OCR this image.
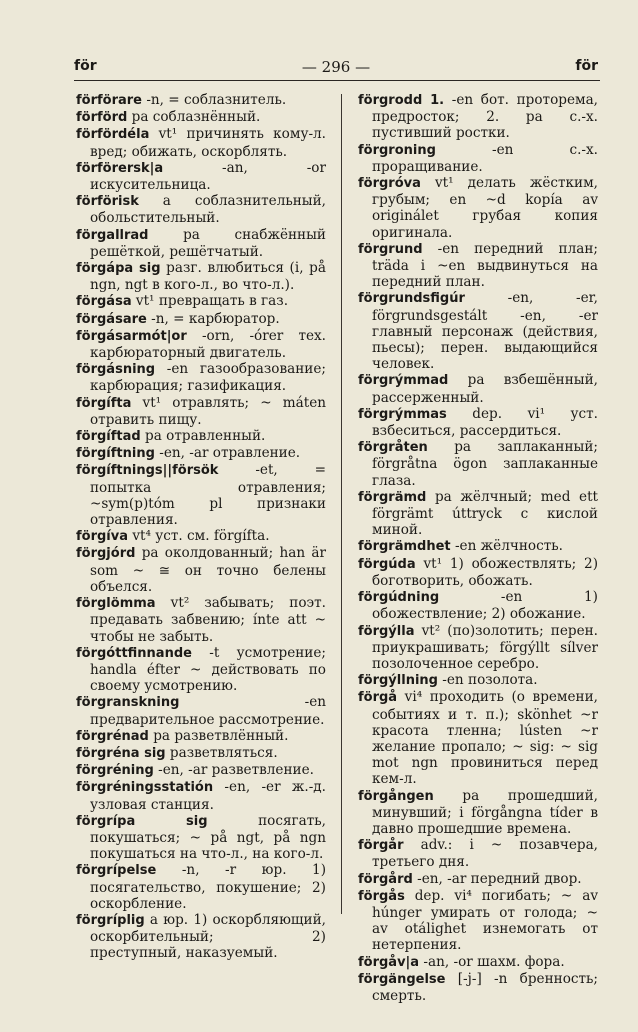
för	— 296 —	för

förförare -n, = соблазнитель.

förförd pa соблазнённый.

förfördéla vt¹ причинять кому-л. вред; обижать, оскорблять.

förförersk|a -an, -or искусительница.

förförisk a соблазнительный, обольстительный.

förgallrad pa снабжённый решёткой, решётчатый.

förgápa sig разг. влюбиться (i, på ngn, ngt в кого-л., во что-л.).

förgása vt¹ превращать в газ.

förgásare -n, = карбюратор.

förgásarmót|or -orn, -órer тех. карбюраторный двигатель.

förgásning -en газообразование; карбюрация; газификация.

förgífta vt¹ отравлять; ~ máten отравить пищу.

förgíftad pa отравленный.

förgíftning -en, -ar отравление.

förgíftnings||försök -et, = попытка отравления; ~sym(p)tóm pl признаки отравления.

förgíva vt⁴ уст. см. förgífta.

förgjórd pa околдованный; han är som ~ ≅ он точно белены объелся.

förglömma vt² забывать; поэт. предавать забвению; ínte att ~ чтобы не забыть.

förgóttfinnande -t усмотрение; handla éfter ~ действовать по своему усмотрению.

förgranskning -en предварительное рассмотрение.

förgrénad pa разветвлённый.

förgréna sig разветвляться.

förgréning -en, -ar разветвление.

förgréningsstatión -en, -er ж.-д. узловая станция.

förgrípa sig посягать, покушаться; ~ på ngt, på ngn покушаться на что-л., на кого-л.

förgrípelse -n, -r юр. 1) посягательство, покушение; 2) оскорбление.

förgríplig a юр. 1) оскорбляющий, оскорбительный; 2) преступный, наказуемый.

förgrodd 1. -en бот. проторема, предросток; 2. pa с.-х. пустивший ростки.

förgroning -en с.-х. проращивание.

förgróva vt¹ делать жёстким, грубым; en ~d kopía av originálet грубая копия оригинала.

förgrund -en передний план; träda i ~en выдвинуться на передний план.

förgrundsfigúr -en, -er, förgrundsgestált -en, -er главный персонаж (действия, пьесы); перен. выдающийся человек.

förgrýmmad pa взбешённый, рассерженный.

förgrýmmas dep. vi¹ уст. взбеситься, рассердиться.

förgråten pa заплаканный; förgråtna ögon заплаканные глаза.

förgrämd pa жёлчный; med ett förgrämt úttryck с кислой миной.

förgrämdhet -en жёлчность.

förgúda vt¹ 1) обожествлять; 2) боготворить, обожать.

förgúdning -en 1) обожествление; 2) обожание.

förgýlla vt² (по)золотить; перен. приукрашивать; förgýllt sílver позолоченное серебро.

förgýllning -en позолота.

förgå vi⁴ проходить (о времени, событиях и т. п.); skönhet ~r красота тленна; lústen ~r желание пропало; ~ sig: ~ sig mot ngn провиниться перед кем-л.

förgången pa прошедший, минувший; i förgångna tíder в давно прошедшие времена.

förgår adv.: i ~ позавчера, третьего дня.

förgård -en, -ar передний двор.

förgås dep. vi⁴ погибать; ~ av húnger умирать от голода; ~ av otálighet изнемогать от нетерпения.

förgåv|a -an, -or шахм. фора.

förgängelse [-j-] -n бренность; смерть.
